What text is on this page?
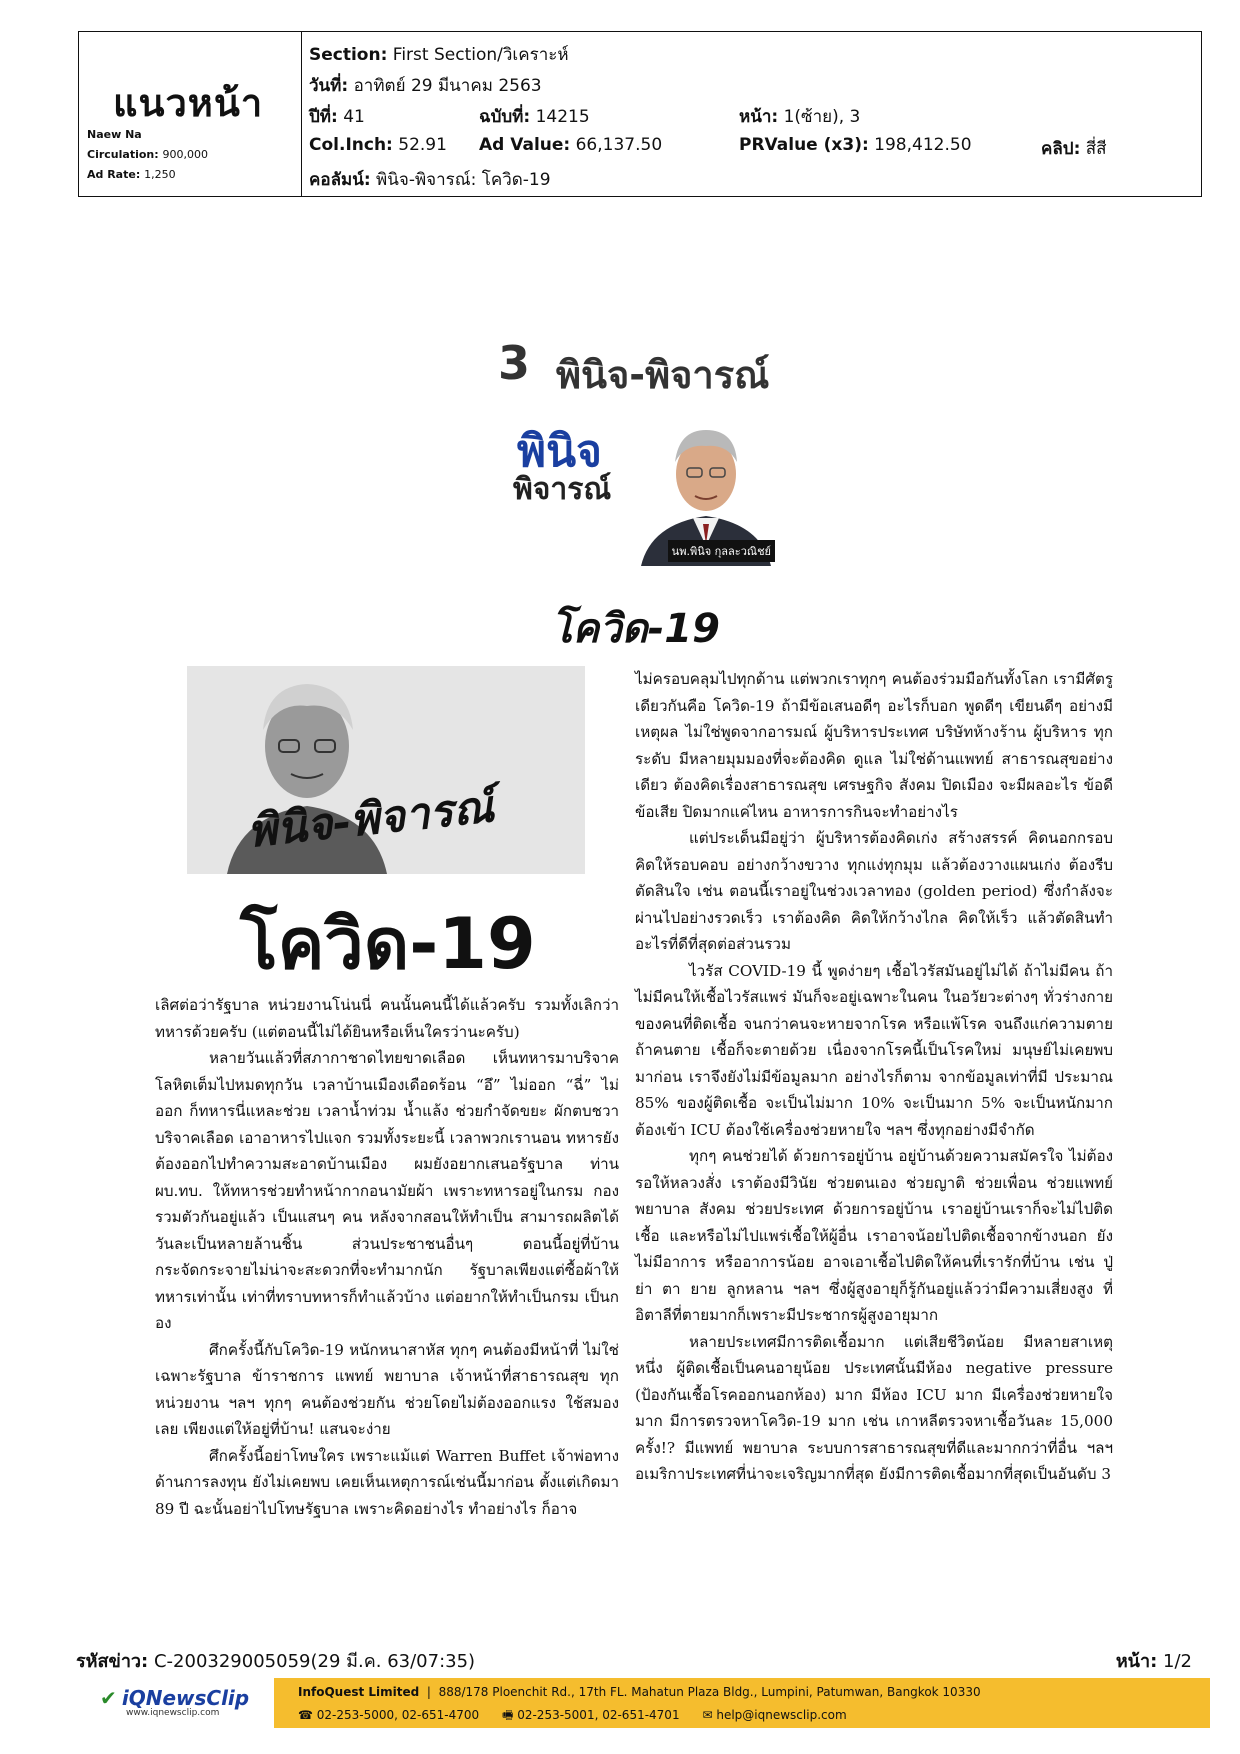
แนวหน้า
Naew Na
Circulation: 900,000
Ad Rate: 1,250
Section: First Section/วิเคราะห์
วันที่: อาทิตย์ 29 มีนาคม 2563
ปีที่: 41	ฉบับที่: 14215	หน้า: 1(ซ้าย), 3
Col.Inch: 52.91 Ad Value: 66,137.50	PRValue (x3): 198,412.50	คลิป: สี่สี
คอลัมน์: พินิจ-พิจารณ์: โควิด-19
3 พินิจ-พิจารณ์
พินิจ
พิจารณ์
นพ.พินิจ กุลละวณิชย์
โควิด-19
พินิจ-พิจารณ์
โควิด-19

เลิศต่อว่ารัฐบาล หน่วยงานโน่นนี่ คนนั้นคนนี้ได้แล้วครับ รวมทั้งเลิกว่าทหารด้วยครับ (แต่ตอนนี้ไม่ได้ยินหรือเห็นใครว่านะครับ)

หลายวันแล้วที่สภากาชาดไทยขาดเลือด เห็นทหารมาบริจาคโลหิตเต็มไปหมดทุกวัน เวลาบ้านเมืองเดือดร้อน “อึ” ไม่ออก “ฉี่” ไม่ออก ก็ทหารนี่แหละช่วย เวลาน้ำท่วม น้ำแล้ง ช่วยกำจัดขยะ ผักตบชวา บริจาคเลือด เอาอาหารไปแจก รวมทั้งระยะนี้ เวลาพวกเรานอน ทหารยังต้องออกไปทำความสะอาดบ้านเมือง ผมยังอยากเสนอรัฐบาล ท่าน ผบ.ทบ. ให้ทหารช่วยทำหน้ากากอนามัยผ้า เพราะทหารอยู่ในกรม กอง รวมตัวกันอยู่แล้ว เป็นแสนๆ คน หลังจากสอนให้ทำเป็น สามารถผลิตได้วันละเป็นหลายล้านชิ้น ส่วนประชาชนอื่นๆ ตอนนี้อยู่ที่บ้าน กระจัดกระจายไม่น่าจะสะดวกที่จะทำมากนัก รัฐบาลเพียงแต่ซื้อผ้าให้ทหารเท่านั้น เท่าที่ทราบทหารก็ทำแล้วบ้าง แต่อยากให้ทำเป็นกรม เป็นกอง

ศึกครั้งนี้กับโควิด-19 หนักหนาสาหัส ทุกๆ คนต้องมีหน้าที่ ไม่ใช่เฉพาะรัฐบาล ข้าราชการ แพทย์ พยาบาล เจ้าหน้าที่สาธารณสุข ทุกหน่วยงาน ฯลฯ ทุกๆ คนต้องช่วยกัน ช่วยโดยไม่ต้องออกแรง ใช้สมองเลย เพียงแต่ให้อยู่ที่บ้าน! แสนจะง่าย

ศึกครั้งนี้อย่าโทษใคร เพราะแม้แต่ Warren Buffet เจ้าพ่อทางด้านการลงทุน ยังไม่เคยพบ เคยเห็นเหตุการณ์เช่นนี้มาก่อน ตั้งแต่เกิดมา 89 ปี ฉะนั้นอย่าไปโทษรัฐบาล เพราะคิดอย่างไร ทำอย่างไร ก็อาจ

ไม่ครอบคลุมไปทุกด้าน แต่พวกเราทุกๆ คนต้องร่วมมือกันทั้งโลก เรามีศัตรูเดียวกันคือ โควิด-19 ถ้ามีข้อเสนอดีๆ อะไรก็บอก พูดดีๆ เขียนดีๆ อย่างมีเหตุผล ไม่ใช่พูดจากอารมณ์ ผู้บริหารประเทศ บริษัทห้างร้าน ผู้บริหาร ทุกระดับ มีหลายมุมมองที่จะต้องคิด ดูแล ไม่ใช่ด้านแพทย์ สาธารณสุขอย่างเดียว ต้องคิดเรื่องสาธารณสุข เศรษฐกิจ สังคม ปิดเมือง จะมีผลอะไร ข้อดี ข้อเสีย ปิดมากแค่ไหน อาหารการกินจะทำอย่างไร

แต่ประเด็นมีอยู่ว่า ผู้บริหารต้องคิดเก่ง สร้างสรรค์ คิดนอกกรอบ คิดให้รอบคอบ อย่างกว้างขวาง ทุกแง่ทุกมุม แล้วต้องวางแผนเก่ง ต้องรีบตัดสินใจ เช่น ตอนนี้เราอยู่ในช่วงเวลาทอง (golden period) ซึ่งกำลังจะผ่านไปอย่างรวดเร็ว เราต้องคิด คิดให้กว้างไกล คิดให้เร็ว แล้วตัดสินทำอะไรที่ดีที่สุดต่อส่วนรวม

ไวรัส COVID-19 นี้ พูดง่ายๆ เชื้อไวรัสมันอยู่ไม่ได้ ถ้าไม่มีคน ถ้าไม่มีคนให้เชื้อไวรัสแพร่ มันก็จะอยู่เฉพาะในคน ในอวัยวะต่างๆ ทั่วร่างกายของคนที่ติดเชื้อ จนกว่าคนจะหายจากโรค หรือแพ้โรค จนถึงแก่ความตาย ถ้าคนตาย เชื้อก็จะตายด้วย เนื่องจากโรคนี้เป็นโรคใหม่ มนุษย์ไม่เคยพบมาก่อน เราจึงยังไม่มีข้อมูลมาก อย่างไรก็ตาม จากข้อมูลเท่าที่มี ประมาณ 85% ของผู้ติดเชื้อ จะเป็นไม่มาก 10% จะเป็นมาก 5% จะเป็นหนักมาก ต้องเข้า ICU ต้องใช้เครื่องช่วยหายใจ ฯลฯ ซึ่งทุกอย่างมีจำกัด

ทุกๆ คนช่วยได้ ด้วยการอยู่บ้าน อยู่บ้านด้วยความสมัครใจ ไม่ต้องรอให้หลวงสั่ง เราต้องมีวินัย ช่วยตนเอง ช่วยญาติ ช่วยเพื่อน ช่วยแพทย์ พยาบาล สังคม ช่วยประเทศ ด้วยการอยู่บ้าน เราอยู่บ้านเราก็จะไม่ไปติดเชื้อ และหรือไม่ไปแพร่เชื้อให้ผู้อื่น เราอาจน้อยไปติดเชื้อจากข้างนอก ยังไม่มีอาการ หรืออาการน้อย อาจเอาเชื้อไปติดให้คนที่เรารักที่บ้าน เช่น ปู่ ย่า ตา ยาย ลูกหลาน ฯลฯ ซึ่งผู้สูงอายุก็รู้กันอยู่แล้วว่ามีความเสี่ยงสูง ที่อิตาลีที่ตายมากก็เพราะมีประชากรผู้สูงอายุมาก

หลายประเทศมีการติดเชื้อมาก แต่เสียชีวิตน้อย มีหลายสาเหตุ หนึ่ง ผู้ติดเชื้อเป็นคนอายุน้อย ประเทศนั้นมีห้อง negative pressure (ป้องกันเชื้อโรคออกนอกห้อง) มาก มีห้อง ICU มาก มีเครื่องช่วยหายใจมาก มีการตรวจหาโควิด-19 มาก เช่น เกาหลีตรวจหาเชื้อวันละ 15,000 ครั้ง!? มีแพทย์ พยาบาล ระบบการสาธารณสุขที่ดีและมากกว่าที่อื่น ฯลฯ อเมริกาประเทศที่น่าจะเจริญมากที่สุด ยังมีการติดเชื้อมากที่สุดเป็นอันดับ 3

รหัสข่าว: C-200329005059(29 มี.ค. 63/07:35)	หน้า: 1/2
✔ iQNewsClip
www.iqnewsclip.com
InfoQuest Limited  |  888/178 Ploenchit Rd., 17th FL. Mahatun Plaza Bldg., Lumpini, Patumwan, Bangkok 10330
☎ 02-253-5000, 02-651-4700 🖷 02-253-5001, 02-651-4701 ✉ help@iqnewsclip.com
